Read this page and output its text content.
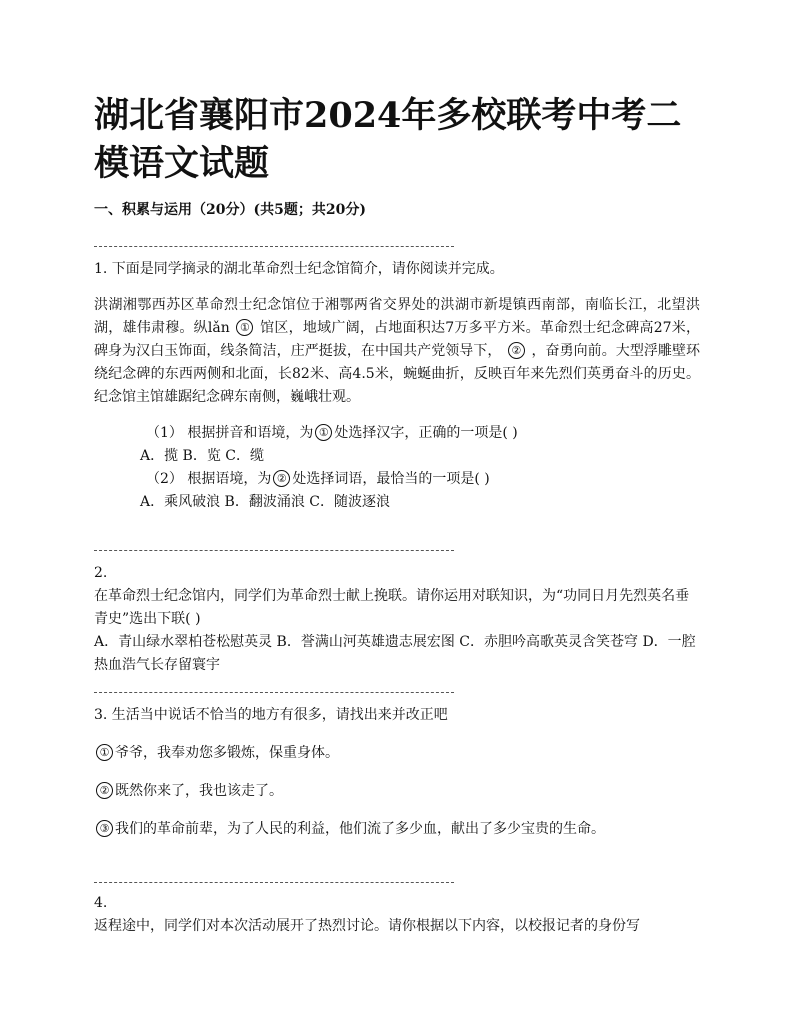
湖北省襄阳市2024年多校联考中考二模语文试题
一、积累与运用（20分）(共5题；共20分)
1. 下面是同学摘录的湖北革命烈士纪念馆简介，请你阅读并完成。
洪湖湘鄂西苏区革命烈士纪念馆位于湘鄂两省交界处的洪湖市新堤镇西南部，南临长江，北望洪湖，雄伟肃穆。纵lǎn ① 馆区，地域广阔，占地面积达7万多平方米。革命烈士纪念碑高27米，碑身为汉白玉饰面，线条简洁，庄严挺拔，在中国共产党领导下， ② ，奋勇向前。大型浮雕壁环绕纪念碑的东西两侧和北面，长82米、高4.5米，蜿蜒曲折，反映百年来先烈们英勇奋斗的历史。纪念馆主馆雄踞纪念碑东南侧，巍峨壮观。
（1） 根据拼音和语境，为 ① 处选择汉字，正确的一项是( )
A．揽 B．览 C．缆
（2） 根据语境，为 ② 处选择词语，最恰当的一项是( )
A．乘风破浪 B．翻波涌浪 C．随波逐浪
2.
在革命烈士纪念馆内，同学们为革命烈士献上挽联。请你运用对联知识，为“功同日月先烈英名垂青史”选出下联( )
A．青山绿水翠柏苍松慰英灵 B．誉满山河英雄遗志展宏图 C．赤胆吟高歌英灵含笑苍穹 D．一腔热血浩气长存留寰宇
3. 生活当中说话不恰当的地方有很多，请找出来并改正吧
① 爷爷，我奉劝您多锻炼，保重身体。
② 既然你来了，我也该走了。
③ 我们的革命前辈，为了人民的利益，他们流了多少血，献出了多少宝贵的生命。
4.
返程途中，同学们对本次活动展开了热烈讨论。请你根据以下内容，以校报记者的身份写
